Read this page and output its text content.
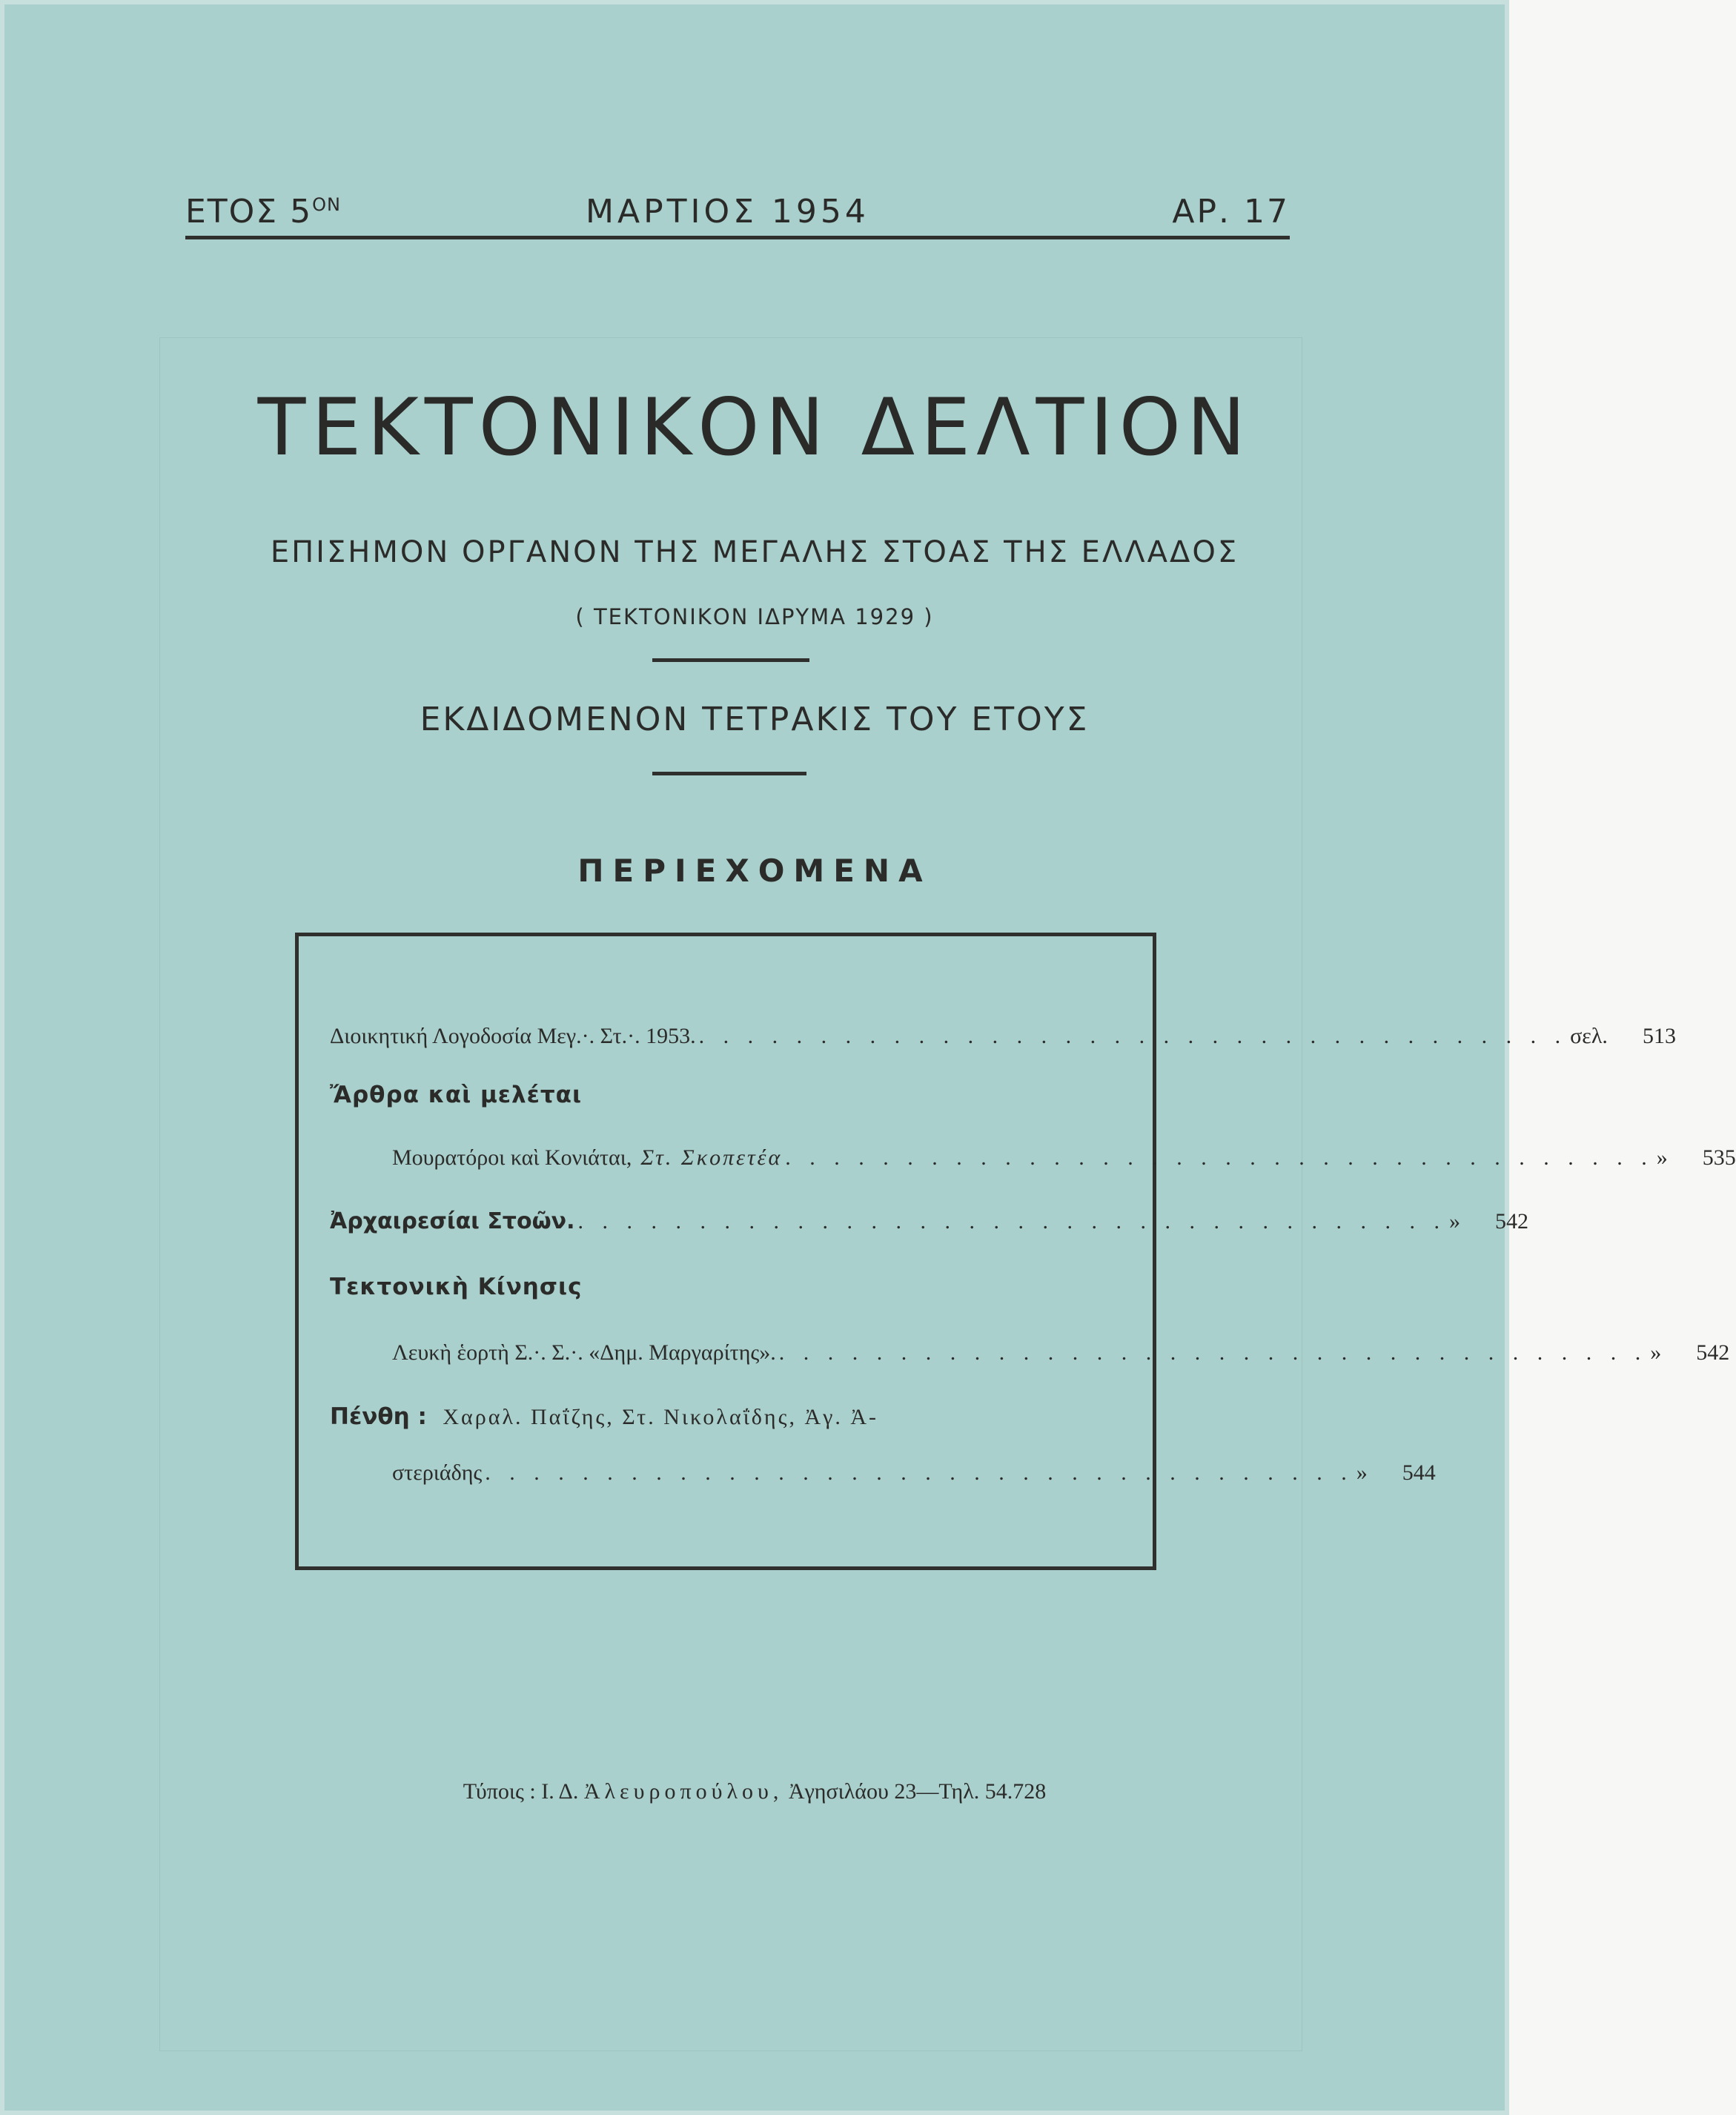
ΕΤΟΣ $5^{ON}$	ΜΑΡΤΙΟΣ 1954	ΑΡ. 17
ΤΕΚΤΟΝΙΚΟΝ ΔΕΛΤΙΟΝ
ΕΠΙΣΗΜΟΝ ΟΡΓΑΝΟΝ ΤΗΣ ΜΕΓΑΛΗΣ ΣΤΟΑΣ ΤΗΣ ΕΛΛΑΔΟΣ
( ΤΕΚΤΟΝΙΚΟΝ ΙΔΡΥΜΑ 1929 )
ΕΚΔΙΔΟΜΕΝΟΝ ΤΕΤΡΑΚΙΣ ΤΟΥ ΕΤΟΥΣ
ΠΕΡΙΕΧΟΜΕΝΑ
Διοικητική Λογοδοσία Μεγ.·. Στ.·. 1953. . . . . . . . . . . . . . . . . . . . . . . . . . . . . . . . . . . . . σελ.	513
Ἄρθρα καὶ μελέται
Μουρατόροι καὶ Κονιάται, Στ. Σκοπετέα . . . . . . . . . . . . . . . . . . . . . . . . . . . . . . . . . . . . »	535
Ἀρχαιρεσίαι Στοῶν. . . . . . . . . . . . . . . . . . . . . . . . . . . . . . . . . . . . . »	542
Τεκτονικὴ Κίνησις
Λευκὴ ἑορτὴ Σ.·. Σ.·. «Δημ. Μαργαρίτης». . . . . . . . . . . . . . . . . . . . . . . . . . . . . . . . . . . . . »	542
Πένθη : Χαραλ. Παΐζης, Στ. Νικολαΐδης, Ἀγ. Ἀ-
στεριάδης . . . . . . . . . . . . . . . . . . . . . . . . . . . . . . . . . . . . »	544
Τύποις : Ι. Δ. Ἀλευροπούλου, Ἀγησιλάου 23—Τηλ. 54.728
